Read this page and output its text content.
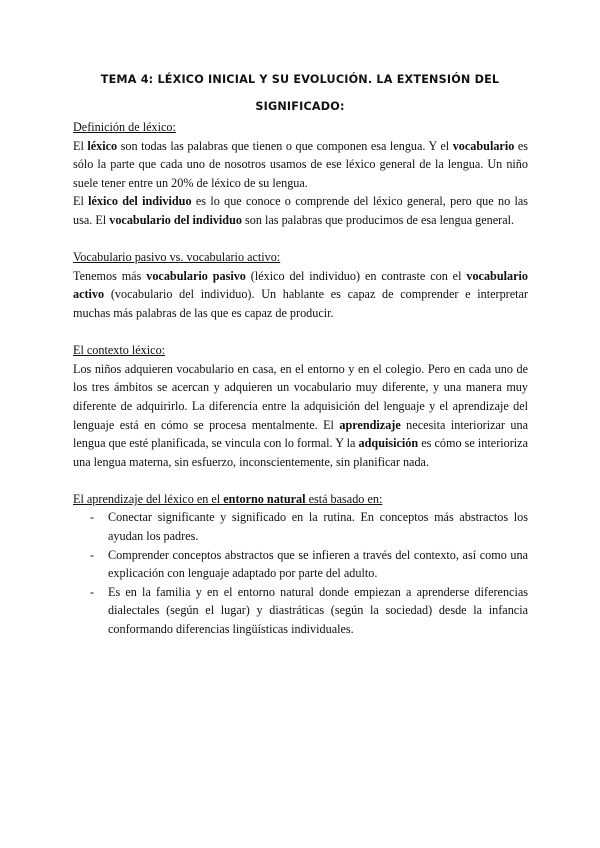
TEMA 4: LÉXICO INICIAL Y SU EVOLUCIÓN. LA EXTENSIÓN DEL
SIGNIFICADO:

Definición de léxico:

El léxico son todas las palabras que tienen o que componen esa lengua. Y el vocabulario es sólo la parte que cada uno de nosotros usamos de ese léxico general de la lengua. Un niño suele tener entre un 20% de léxico de su lengua.

El léxico del individuo es lo que conoce o comprende del léxico general, pero que no las usa. El vocabulario del individuo son las palabras que producimos de esa lengua general.

Vocabulario pasivo vs. vocabulario activo:

Tenemos más vocabulario pasivo (léxico del individuo) en contraste con el vocabulario activo (vocabulario del individuo). Un hablante es capaz de comprender e interpretar muchas más palabras de las que es capaz de producir.

El contexto léxico:

Los niños adquieren vocabulario en casa, en el entorno y en el colegio. Pero en cada uno de los tres ámbitos se acercan y adquieren un vocabulario muy diferente, y una manera muy diferente de adquirirlo. La diferencia entre la adquisición del lenguaje y el aprendizaje del lenguaje está en cómo se procesa mentalmente. El aprendizaje necesita interiorizar una lengua que esté planificada, se vincula con lo formal. Y la adquisición es cómo se interioriza una lengua materna, sin esfuerzo, inconscientemente, sin planificar nada.

El aprendizaje del léxico en el entorno natural está basado en:

- Conectar significante y significado en la rutina. En conceptos más abstractos los ayudan los padres.
- Comprender conceptos abstractos que se infieren a través del contexto, así como una explicación con lenguaje adaptado por parte del adulto.
- Es en la familia y en el entorno natural donde empiezan a aprenderse diferencias dialectales (según el lugar) y diastráticas (según la sociedad) desde la infancia conformando diferencias lingüísticas individuales.
